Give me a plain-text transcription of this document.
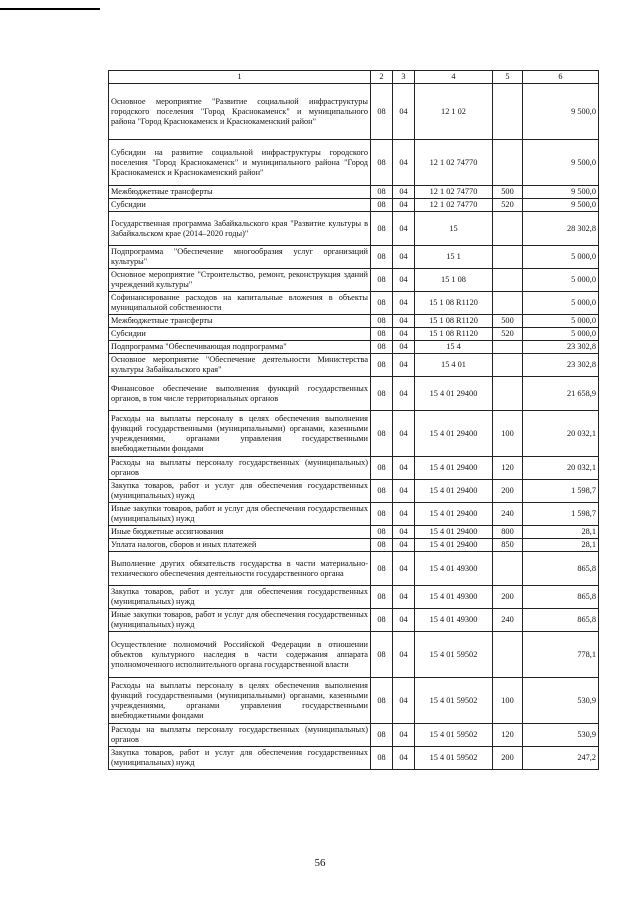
1	2	3	4	5	6
Основное мероприятие "Развитие социальной инфраструктуры городского поселения "Город Краснокаменск" и муниципального района "Город Краснокаменск и Краснокаменский район"	08	04	12 1 02		9 500,0
Субсидии на развитие социальной инфраструктуры городского поселения "Город Краснокаменск" и муниципального района "Город Краснокаменск и Краснокаменский район"	08	04	12 1 02 74770		9 500,0
Межбюджетные трансферты	08	04	12 1 02 74770	500	9 500,0
Субсидии	08	04	12 1 02 74770	520	9 500,0
Государственная программа Забайкальского края "Развитие культуры в Забайкальском крае (2014–2020 годы)"	08	04	15		28 302,8
Подпрограмма "Обеспечение многообразия услуг организаций культуры"	08	04	15 1		5 000,0
Основное мероприятие "Строительство, ремонт, реконструкция зданий учреждений культуры"	08	04	15 1 08		5 000,0
Софинансирование расходов на капитальные вложения в объекты муниципальной собственности	08	04	15 1 08 R1120		5 000,0
Межбюджетные трансферты	08	04	15 1 08 R1120	500	5 000,0
Субсидии	08	04	15 1 08 R1120	520	5 000,0
Подпрограмма "Обеспечивающая подпрограмма"	08	04	15 4		23 302,8
Основное мероприятие "Обеспечение деятельности Министерства культуры Забайкальского края"	08	04	15 4 01		23 302,8
Финансовое обеспечение выполнения функций государственных органов, в том числе территориальных органов	08	04	15 4 01 29400		21 658,9
Расходы на выплаты персоналу в целях обеспечения выполнения функций государственными (муниципальными) органами, казенными учреждениями, органами управления государственными внебюджетными фондами	08	04	15 4 01 29400	100	20 032,1
Расходы на выплаты персоналу государственных (муниципальных) органов	08	04	15 4 01 29400	120	20 032,1
Закупка товаров, работ и услуг для обеспечения государственных (муниципальных) нужд	08	04	15 4 01 29400	200	1 598,7
Иные закупки товаров, работ и услуг для обеспечения государственных (муниципальных) нужд	08	04	15 4 01 29400	240	1 598,7
Иные бюджетные ассигнования	08	04	15 4 01 29400	800	28,1
Уплата налогов, сборов и иных платежей	08	04	15 4 01 29400	850	28,1
Выполнение других обязательств государства в части материально-технического обеспечения деятельности государственного органа	08	04	15 4 01 49300		865,8
Закупка товаров, работ и услуг для обеспечения государственных (муниципальных) нужд	08	04	15 4 01 49300	200	865,8
Иные закупки товаров, работ и услуг для обеспечения государственных (муниципальных) нужд	08	04	15 4 01 49300	240	865,8
Осуществление полномочий Российской Федерации в отношении объектов культурного наследия в части содержания аппарата уполномоченного исполнительного органа государственной власти	08	04	15 4 01 59502		778,1
Расходы на выплаты персоналу в целях обеспечения выполнения функций государственными (муниципальными) органами, казенными учреждениями, органами управления государственными внебюджетными фондами	08	04	15 4 01 59502	100	530,9
Расходы на выплаты персоналу государственных (муниципальных) органов	08	04	15 4 01 59502	120	530,9
Закупка товаров, работ и услуг для обеспечения государственных (муниципальных) нужд	08	04	15 4 01 59502	200	247,2
56
